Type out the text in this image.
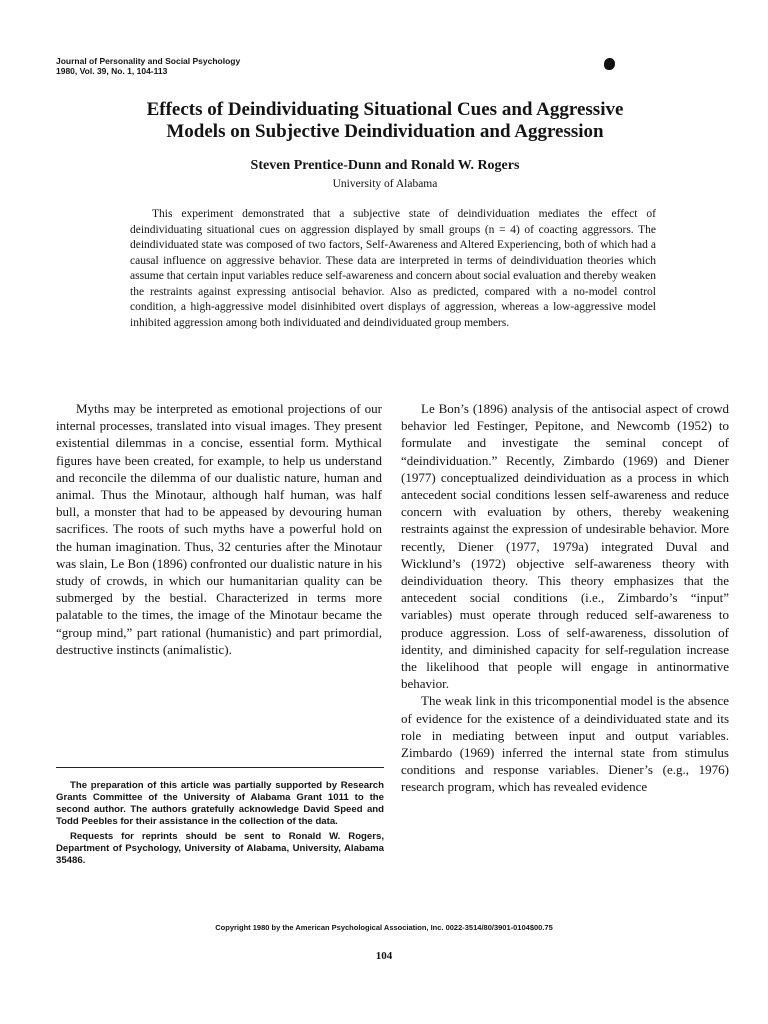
Journal of Personality and Social Psychology
1980, Vol. 39, No. 1, 104-113
Effects of Deindividuating Situational Cues and Aggressive
Models on Subjective Deindividuation and Aggression
Steven Prentice-Dunn and Ronald W. Rogers
University of Alabama
This experiment demonstrated that a subjective state of deindividuation mediates the effect of deindividuating situational cues on aggression displayed by small groups (n = 4) of coacting aggressors. The deindividuated state was composed of two factors, Self-Awareness and Altered Experiencing, both of which had a causal influence on aggressive behavior. These data are interpreted in terms of deindividuation theories which assume that certain input variables reduce self-awareness and concern about social evaluation and thereby weaken the restraints against expressing antisocial behavior. Also as predicted, compared with a no-model control condition, a high-aggressive model disinhibited overt displays of aggression, whereas a low-aggressive model inhibited aggression among both individuated and deindividuated group members.

Myths may be interpreted as emotional projections of our internal processes, translated into visual images. They present existential dilemmas in a concise, essential form. Mythical figures have been created, for example, to help us understand and reconcile the dilemma of our dualistic nature, human and animal. Thus the Minotaur, although half human, was half bull, a monster that had to be appeased by devouring human sacrifices. The roots of such myths have a powerful hold on the human imagination. Thus, 32 centuries after the Minotaur was slain, Le Bon (1896) confronted our dualistic nature in his study of crowds, in which our humanitarian quality can be submerged by the bestial. Characterized in terms more palatable to the times, the image of the Minotaur became the “group mind,” part rational (humanistic) and part primordial, destructive instincts (animalistic).

Le Bon’s (1896) analysis of the antisocial aspect of crowd behavior led Festinger, Pepitone, and Newcomb (1952) to formulate and investigate the seminal concept of “deindividuation.” Recently, Zimbardo (1969) and Diener (1977) conceptualized deindividuation as a process in which antecedent social conditions lessen self-awareness and reduce concern with evaluation by others, thereby weakening restraints against the expression of undesirable behavior. More recently, Diener (1977, 1979a) integrated Duval and Wicklund’s (1972) objective self-awareness theory with deindividuation theory. This theory emphasizes that the antecedent social conditions (i.e., Zimbardo’s “input” variables) must operate through reduced self-awareness to produce aggression. Loss of self-awareness, dissolution of identity, and diminished capacity for self-regulation increase the likelihood that people will engage in antinormative behavior.

The weak link in this tricomponential model is the absence of evidence for the existence of a deindividuated state and its role in mediating between input and output variables. Zimbardo (1969) inferred the internal state from stimulus conditions and response variables. Diener’s (e.g., 1976) research program, which has revealed evidence

The preparation of this article was partially supported by Research Grants Committee of the University of Alabama Grant 1011 to the second author. The authors gratefully acknowledge David Speed and Todd Peebles for their assistance in the collection of the data.

Requests for reprints should be sent to Ronald W. Rogers, Department of Psychology, University of Alabama, University, Alabama 35486.

Copyright 1980 by the American Psychological Association, Inc. 0022-3514/80/3901-0104$00.75
104
